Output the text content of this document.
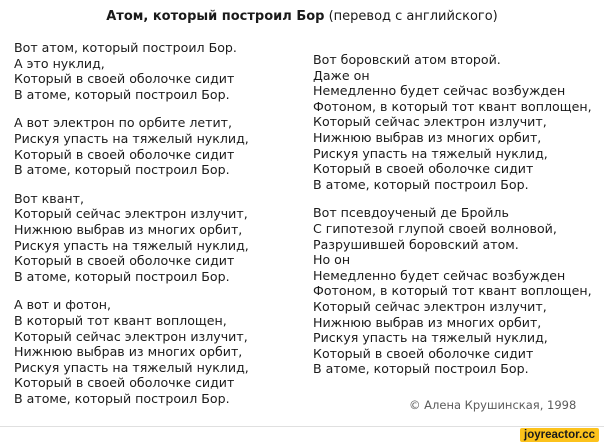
Атом, который построил Бор (перевод с английского)
Вот атом, который построил Бор.
А это нуклид,
Который в своей оболочке сидит
В атоме, который построил Бор.
А вот электрон по орбите летит,
Рискуя упасть на тяжелый нуклид,
Который в своей оболочке сидит
В атоме, который построил Бор.
Вот квант,
Который сейчас электрон излучит,
Нижнюю выбрав из многих орбит,
Рискуя упасть на тяжелый нуклид,
Который в своей оболочке сидит
В атоме, который построил Бор.
А вот и фотон,
В который тот квант воплощен,
Который сейчас электрон излучит,
Нижнюю выбрав из многих орбит,
Рискуя упасть на тяжелый нуклид,
Который в своей оболочке сидит
В атоме, который построил Бор.
Вот боровский атом второй.
Даже он
Немедленно будет сейчас возбужден
Фотоном, в который тот квант воплощен,
Который сейчас электрон излучит,
Нижнюю выбрав из многих орбит,
Рискуя упасть на тяжелый нуклид,
Который в своей оболочке сидит
В атоме, который построил Бор.
Вот псевдоученый де Бройль
С гипотезой глупой своей волновой,
Разрушившей боровский атом.
Но он
Немедленно будет сейчас возбужден
Фотоном, в который тот квант воплощен,
Который сейчас электрон излучит,
Нижнюю выбрав из многих орбит,
Рискуя упасть на тяжелый нуклид,
Который в своей оболочке сидит
В атоме, который построил Бор.
© Алена Крушинская, 1998
joyreactor.cc
